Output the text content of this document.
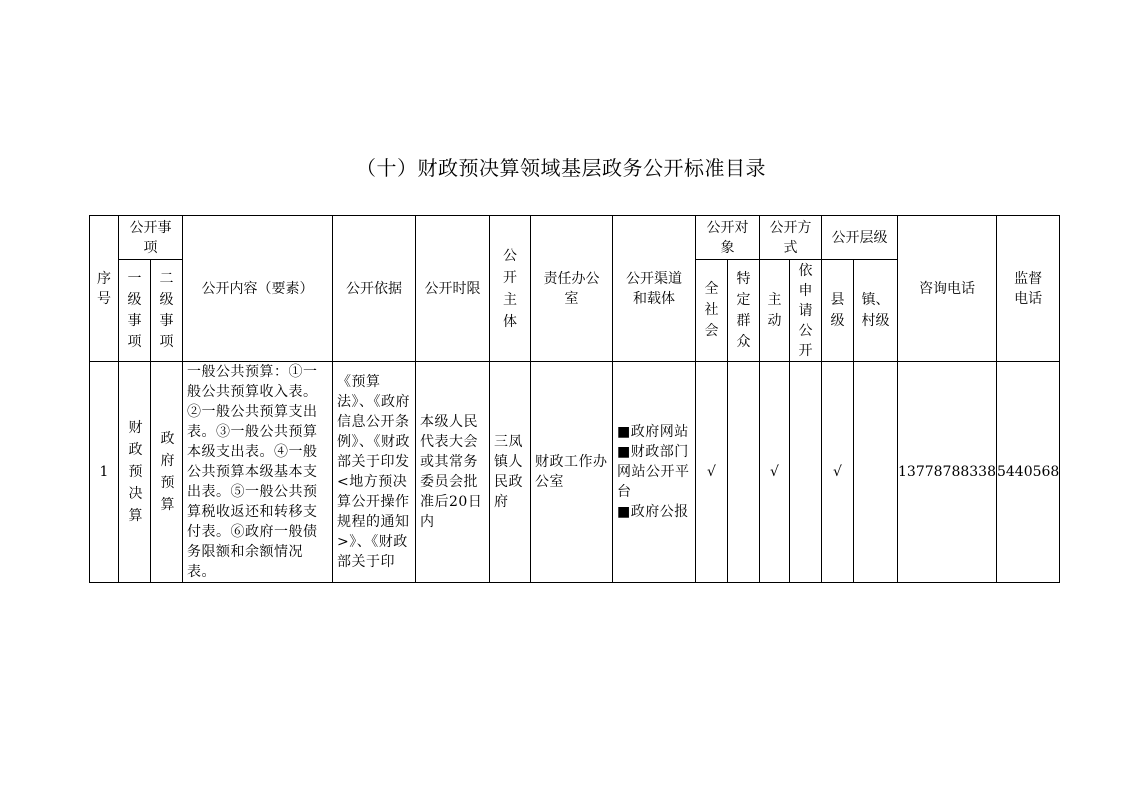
（十）财政预决算领域基层政务公开标准目录
序号	公开事项		公开内容（要素）	公开依据	公开时限	公开主体	责任办公室	公开渠道和载体	公开对象		公开方式		公开层级		咨询电话	监督电话

	一级事项	二级事项							全社会	特定群众	主动	依申请公开	县级	镇、村级		

1	财政预决算	政府预算	一般公共预算：①一般公共预算收入表。②一般公共预算支出表。③一般公共预算本级支出表。④一般公共预算本级基本支出表。⑤一般公共预算税收返还和转移支付表。⑥政府一般债务限额和余额情况表。	《预算法》、《政府信息公开条例》、《财政部关于印发<地方预决算公开操作规程的通知>》、《财政部关于印	本级人民代表大会或其常务委员会批准后20日内	三凤镇人民政府	财政工作办公室	■政府网站
■财政部门网站公开平台
■政府公报	√		√		√		13778788338	5440568
